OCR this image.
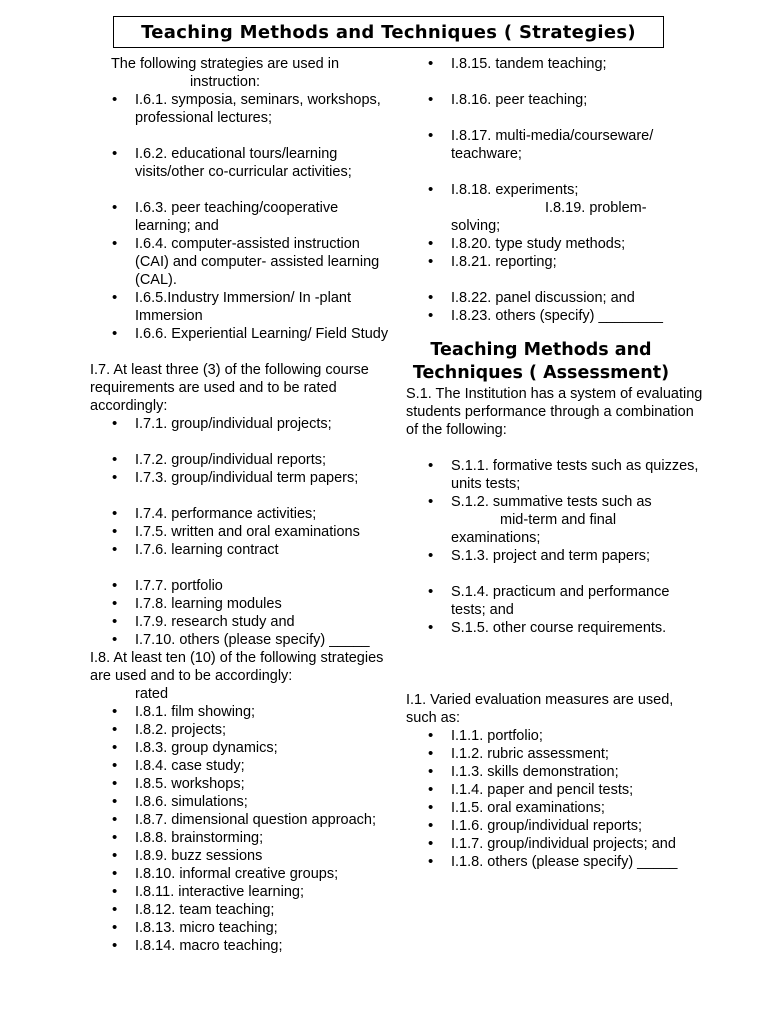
Teaching Methods and Techniques ( Strategies)
The following strategies are used in instruction:
• I.6.1. symposia, seminars, workshops, professional lectures;
• I.6.2. educational tours/learning visits/other co-curricular activities;
• I.6.3. peer teaching/cooperative learning; and
• I.6.4. computer-assisted instruction (CAI) and computer- assisted learning (CAL).
• I.6.5.Industry Immersion/ In -plant Immersion
• I.6.6. Experiential Learning/ Field Study

I.7. At least three (3) of the following course requirements are used and to be rated accordingly:

• I.7.1. group/individual projects;
• I.7.2. group/individual reports;
• I.7.3. group/individual term papers;
• I.7.4. performance activities;
• I.7.5. written and oral examinations
• I.7.6. learning contract
• I.7.7. portfolio
• I.7.8. learning modules
• I.7.9. research study and
• I.7.10. others (please specify) _____

I.8. At least ten (10) of the following strategies are used and to be accordingly:

rated
• I.8.1. film showing;
• I.8.2. projects;
• I.8.3. group dynamics;
• I.8.4. case study;
• I.8.5. workshops;
• I.8.6. simulations;
• I.8.7. dimensional question approach;
• I.8.8. brainstorming;
• I.8.9. buzz sessions
• I.8.10. informal creative groups;
• I.8.11. interactive learning;
• I.8.12. team teaching;
• I.8.13. micro teaching;
• I.8.14. macro teaching;
• I.8.15. tandem teaching;
• I.8.16. peer teaching;
• I.8.17. multi-media/courseware/ teachware;
• I.8.18. experiments;
I.8.19. problem-
solving;
• I.8.20. type study methods;
• I.8.21. reporting;
• I.8.22. panel discussion; and
• I.8.23. others (specify) ________
Teaching Methods and Techniques ( Assessment)

S.1. The Institution has a system of evaluating students performance through a combination of the following:

• S.1.1. formative tests such as quizzes, units tests;
• S.1.2. summative tests such as
mid-term and final
examinations;
• S.1.3. project and term papers;
• S.1.4. practicum and performance tests; and
• S.1.5. other course requirements.

I.1. Varied evaluation measures are used, such as:

• I.1.1. portfolio;
• I.1.2. rubric assessment;
• I.1.3. skills demonstration;
• I.1.4. paper and pencil tests;
• I.1.5. oral examinations;
• I.1.6. group/individual reports;
• I.1.7. group/individual projects; and
• I.1.8. others (please specify) _____
